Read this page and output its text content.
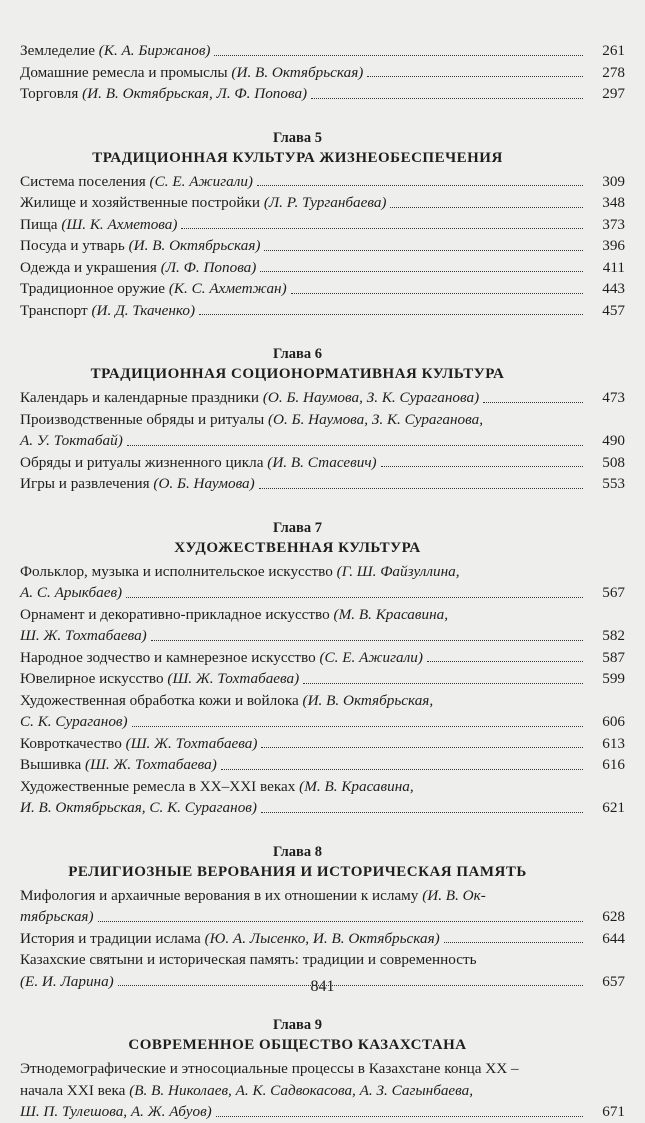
Земледелие (К. А. Биржанов)	261
Домашние ремесла и промыслы (И. В. Октябрьская)	278
Торговля (И. В. Октябрьская, Л. Ф. Попова)	297
Глава 5
ТРАДИЦИОННАЯ КУЛЬТУРА ЖИЗНЕОБЕСПЕЧЕНИЯ
Система поселения (С. Е. Ажигали)	309
Жилище и хозяйственные постройки (Л. Р. Турганбаева)	348
Пища (Ш. К. Ахметова)	373
Посуда и утварь (И. В. Октябрьская)	396
Одежда и украшения (Л. Ф. Попова)	411
Традиционное оружие (К. С. Ахметжан)	443
Транспорт (И. Д. Ткаченко)	457
Глава 6
ТРАДИЦИОННАЯ СОЦИОНОРМАТИВНАЯ КУЛЬТУРА
Календарь и календарные праздники (О. Б. Наумова, З. К. Сураганова)	473
Производственные обряды и ритуалы (О. Б. Наумова, З. К. Сураганова,
А. У. Токтабай)	490
Обряды и ритуалы жизненного цикла (И. В. Стасевич)	508
Игры и развлечения (О. Б. Наумова)	553
Глава 7
ХУДОЖЕСТВЕННАЯ КУЛЬТУРА
Фольклор, музыка и исполнительское искусство (Г. Ш. Файзуллина,
А. С. Арыкбаев)	567
Орнамент и декоративно-прикладное искусство (М. В. Красавина,
Ш. Ж. Тохтабаева)	582
Народное зодчество и камнерезное искусство (С. Е. Ажигали)	587
Ювелирное искусство (Ш. Ж. Тохтабаева)	599
Художественная обработка кожи и войлока (И. В. Октябрьская,
С. К. Сураганов)	606
Ковроткачество (Ш. Ж. Тохтабаева)	613
Вышивка (Ш. Ж. Тохтабаева)	616
Художественные ремесла в XX–XXI веках (М. В. Красавина,
И. В. Октябрьская, С. К. Сураганов)	621
Глава 8
РЕЛИГИОЗНЫЕ ВЕРОВАНИЯ И ИСТОРИЧЕСКАЯ ПАМЯТЬ
Мифология и архаичные верования в их отношении к исламу (И. В. Ок-
тябрьская)	628
История и традиции ислама (Ю. А. Лысенко, И. В. Октябрьская)	644
Казахские святыни и историческая память: традиции и современность
(Е. И. Ларина)	657
Глава 9
СОВРЕМЕННОЕ ОБЩЕСТВО КАЗАХСТАНА
Этнодемографические и этносоциальные процессы в Казахстане конца XX –
начала XXI века (В. В. Николаев, А. К. Садвокасова, А. З. Сагынбаева,
Ш. П. Тулешова, А. Ж. Абуов)	671
841
